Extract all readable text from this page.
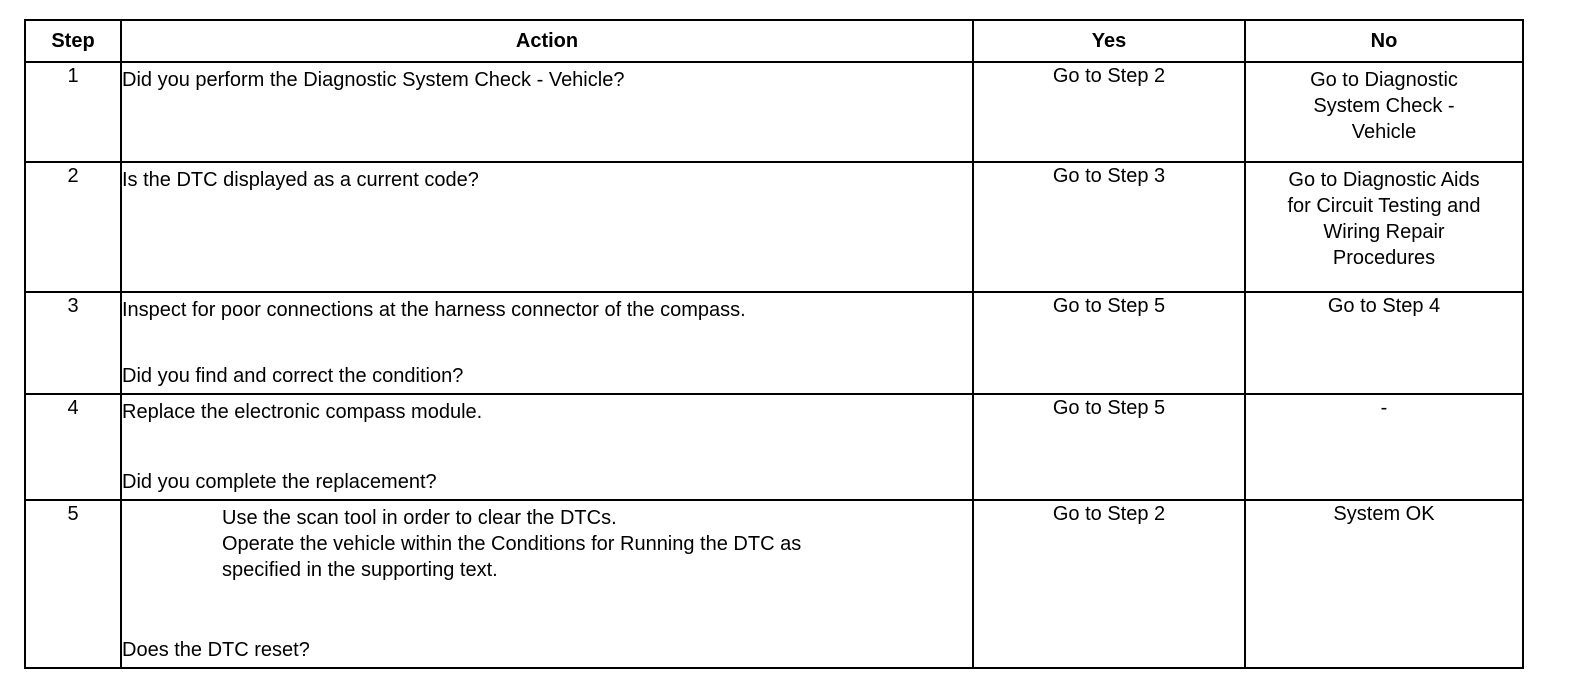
Step	Action	Yes	No
1	Did you perform the Diagnostic System Check - Vehicle?	Go to Step 2	Go to Diagnostic
System Check -
Vehicle

2	Is the DTC displayed as a current code?	Go to Step 3	Go to Diagnostic Aids
for Circuit Testing and
Wiring Repair
Procedures

3	Inspect for poor connections at the harness connector of the compass.
Did you find and correct the condition?	Go to Step 5	Go to Step 4
4	Replace the electronic compass module.
Did you complete the replacement?	Go to Step 5	-
5	Use the scan tool in order to clear the DTCs.
Operate the vehicle within the Conditions for Running the DTC as
specified in the supporting text.
Does the DTC reset?	Go to Step 2	System OK
